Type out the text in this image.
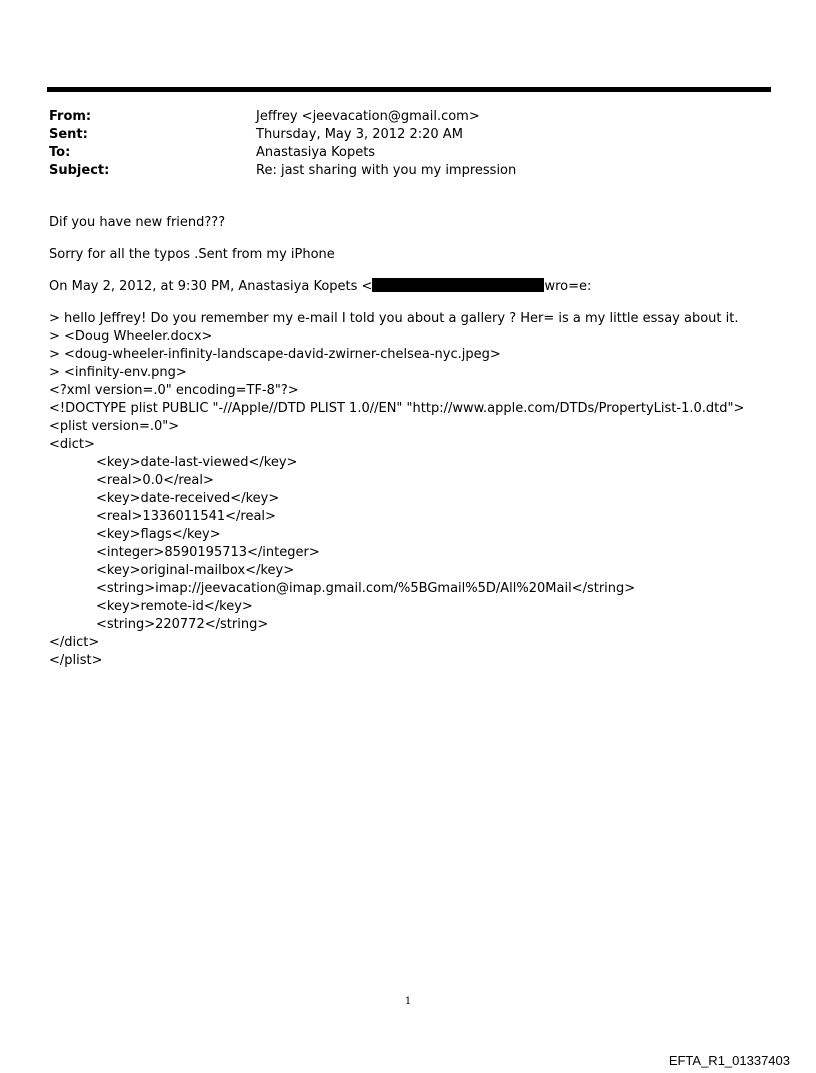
From:	Jeffrey <jeevacation@gmail.com>
Sent:	Thursday, May 3, 2012 2:20 AM
To:	Anastasiya Kopets
Subject:	Re: jast sharing with you my impression
Dif you have new friend???
Sorry for all the typos .Sent from my iPhone
On May 2, 2012, at 9:30 PM, Anastasiya Kopets <	wro=e:
> hello Jeffrey! Do you remember my e-mail I told you about a gallery ? Her= is a my little essay about it.
> <Doug Wheeler.docx>
> <doug-wheeler-infinity-landscape-david-zwirner-chelsea-nyc.jpeg>
> <infinity-env.png>
<?xml version=.0" encoding=TF-8"?>
<!DOCTYPE plist PUBLIC "-//Apple//DTD PLIST 1.0//EN" "http://www.apple.com/DTDs/PropertyList-1.0.dtd">
<plist version=.0">
<dict>
<key>date-last-viewed</key>
<real>0.0</real>
<key>date-received</key>
<real>1336011541</real>
<key>flags</key>
<integer>8590195713</integer>
<key>original-mailbox</key>
<string>imap://jeevacation@imap.gmail.com/%5BGmail%5D/All%20Mail</string>
<key>remote-id</key>
<string>220772</string>
</dict>
</plist>
1
EFTA_R1_01337403
